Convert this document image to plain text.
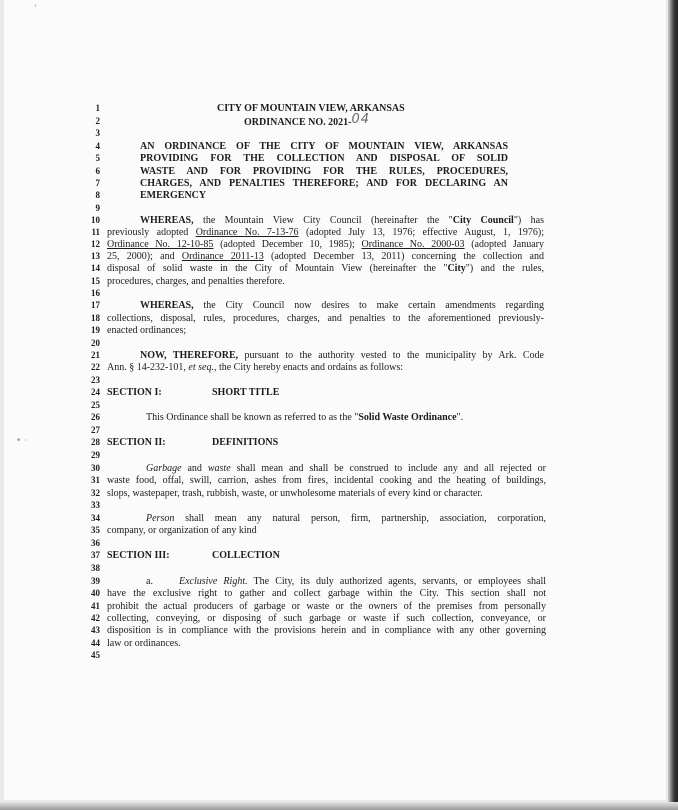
'
• ·
1
2
3
4
5
6
7
8
9
10
11
12
13
14
15
16
17
18
19
20
21
22
23
24
25
26
27
28
29
30
31
32
33
34
35
36
37
38
39
40
41
42
43
44
45
CITY OF MOUNTAIN VIEW, ARKANSAS
ORDINANCE NO. 2021-04
AN ORDINANCE OF THE CITY OF MOUNTAIN VIEW, ARKANSAS
PROVIDING FOR THE COLLECTION AND DISPOSAL OF SOLID
WASTE AND FOR PROVIDING FOR THE RULES, PROCEDURES,
CHARGES, AND PENALTIES THEREFORE; AND FOR DECLARING AN
EMERGENCY
WHEREAS, the Mountain View City Council (hereinafter the "City Council") has
previously adopted Ordinance No. 7-13-76 (adopted July 13, 1976; effective August, 1, 1976);
Ordinance No. 12-10-85 (adopted December 10, 1985); Ordinance No. 2000-03 (adopted January
25, 2000); and Ordinance 2011-13 (adopted December 13, 2011) concerning the collection and
disposal of solid waste in the City of Mountain View (hereinafter the "City") and the rules,
procedures, charges, and penalties therefore.
WHEREAS, the City Council now desires to make certain amendments regarding
collections, disposal, rules, procedures, charges, and penalties to the aforementioned previously-
enacted ordinances;
NOW, THEREFORE, pursuant to the authority vested to the municipality by Ark. Code
Ann. § 14-232-101, et seq., the City hereby enacts and ordains as follows:
SECTION I:	SHORT TITLE
This Ordinance shall be known as referred to as the "Solid Waste Ordinance".
SECTION II:	DEFINITIONS
Garbage and waste shall mean and shall be construed to include any and all rejected or
waste food, offal, swill, carrion, ashes from fires, incidental cooking and the heating of buildings,
slops, wastepaper, trash, rubbish, waste, or unwholesome materials of every kind or character.
Person shall mean any natural person, firm, partnership, association, corporation,
company, or organization of any kind
SECTION III:	COLLECTION
a.	Exclusive Right. The City, its duly authorized agents, servants, or employees shall
have the exclusive right to gather and collect garbage within the City. This section shall not
prohibit the actual producers of garbage or waste or the owners of the premises from personally
collecting, conveying, or disposing of such garbage or waste if such collection, conveyance, or
disposition is in compliance with the provisions herein and in compliance with any other governing
law or ordinances.
